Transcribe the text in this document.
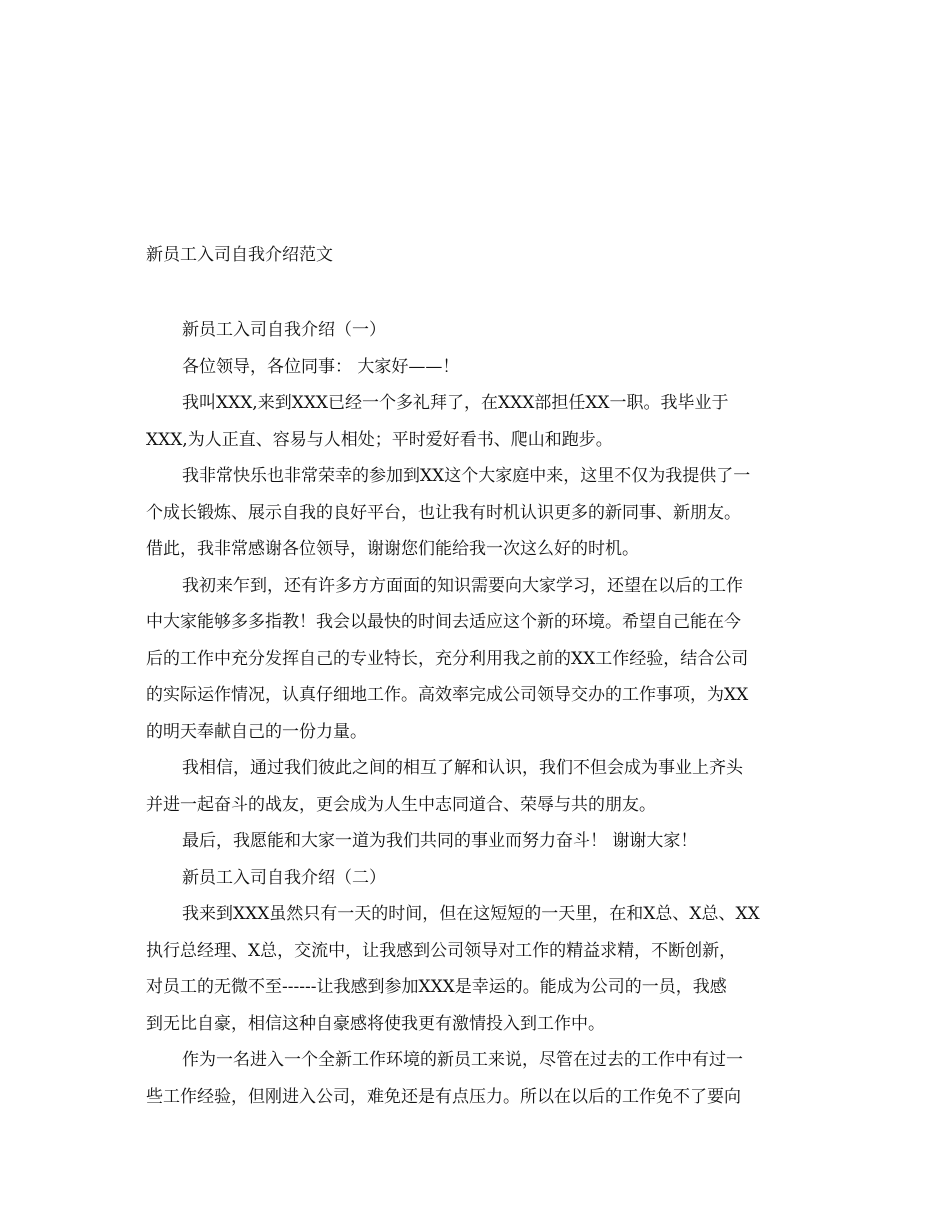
新员工入司自我介绍范文
新员工入司自我介绍（一）
各位领导，各位同事： 大家好——！
我叫XXX,来到XXX已经一个多礼拜了，在XXX部担任XX一职。我毕业于
XXX,为人正直、容易与人相处；平时爱好看书、爬山和跑步。
我非常快乐也非常荣幸的参加到XX这个大家庭中来，这里不仅为我提供了一
个成长锻炼、展示自我的良好平台，也让我有时机认识更多的新同事、新朋友。
借此，我非常感谢各位领导，谢谢您们能给我一次这么好的时机。
我初来乍到，还有许多方方面面的知识需要向大家学习，还望在以后的工作
中大家能够多多指教！我会以最快的时间去适应这个新的环境。希望自己能在今
后的工作中充分发挥自己的专业特长，充分利用我之前的XX工作经验，结合公司
的实际运作情况，认真仔细地工作。高效率完成公司领导交办的工作事项，为XX
的明天奉献自己的一份力量。
我相信，通过我们彼此之间的相互了解和认识，我们不但会成为事业上齐头
并进一起奋斗的战友，更会成为人生中志同道合、荣辱与共的朋友。
最后，我愿能和大家一道为我们共同的事业而努力奋斗！ 谢谢大家！
新员工入司自我介绍（二）
我来到XXX虽然只有一天的时间，但在这短短的一天里，在和X总、X总、XX
执行总经理、X总，交流中，让我感到公司领导对工作的精益求精，不断创新，
对员工的无微不至------让我感到参加XXX是幸运的。能成为公司的一员，我感
到无比自豪，相信这种自豪感将使我更有激情投入到工作中。
作为一名进入一个全新工作环境的新员工来说，尽管在过去的工作中有过一
些工作经验，但刚进入公司，难免还是有点压力。所以在以后的工作免不了要向
